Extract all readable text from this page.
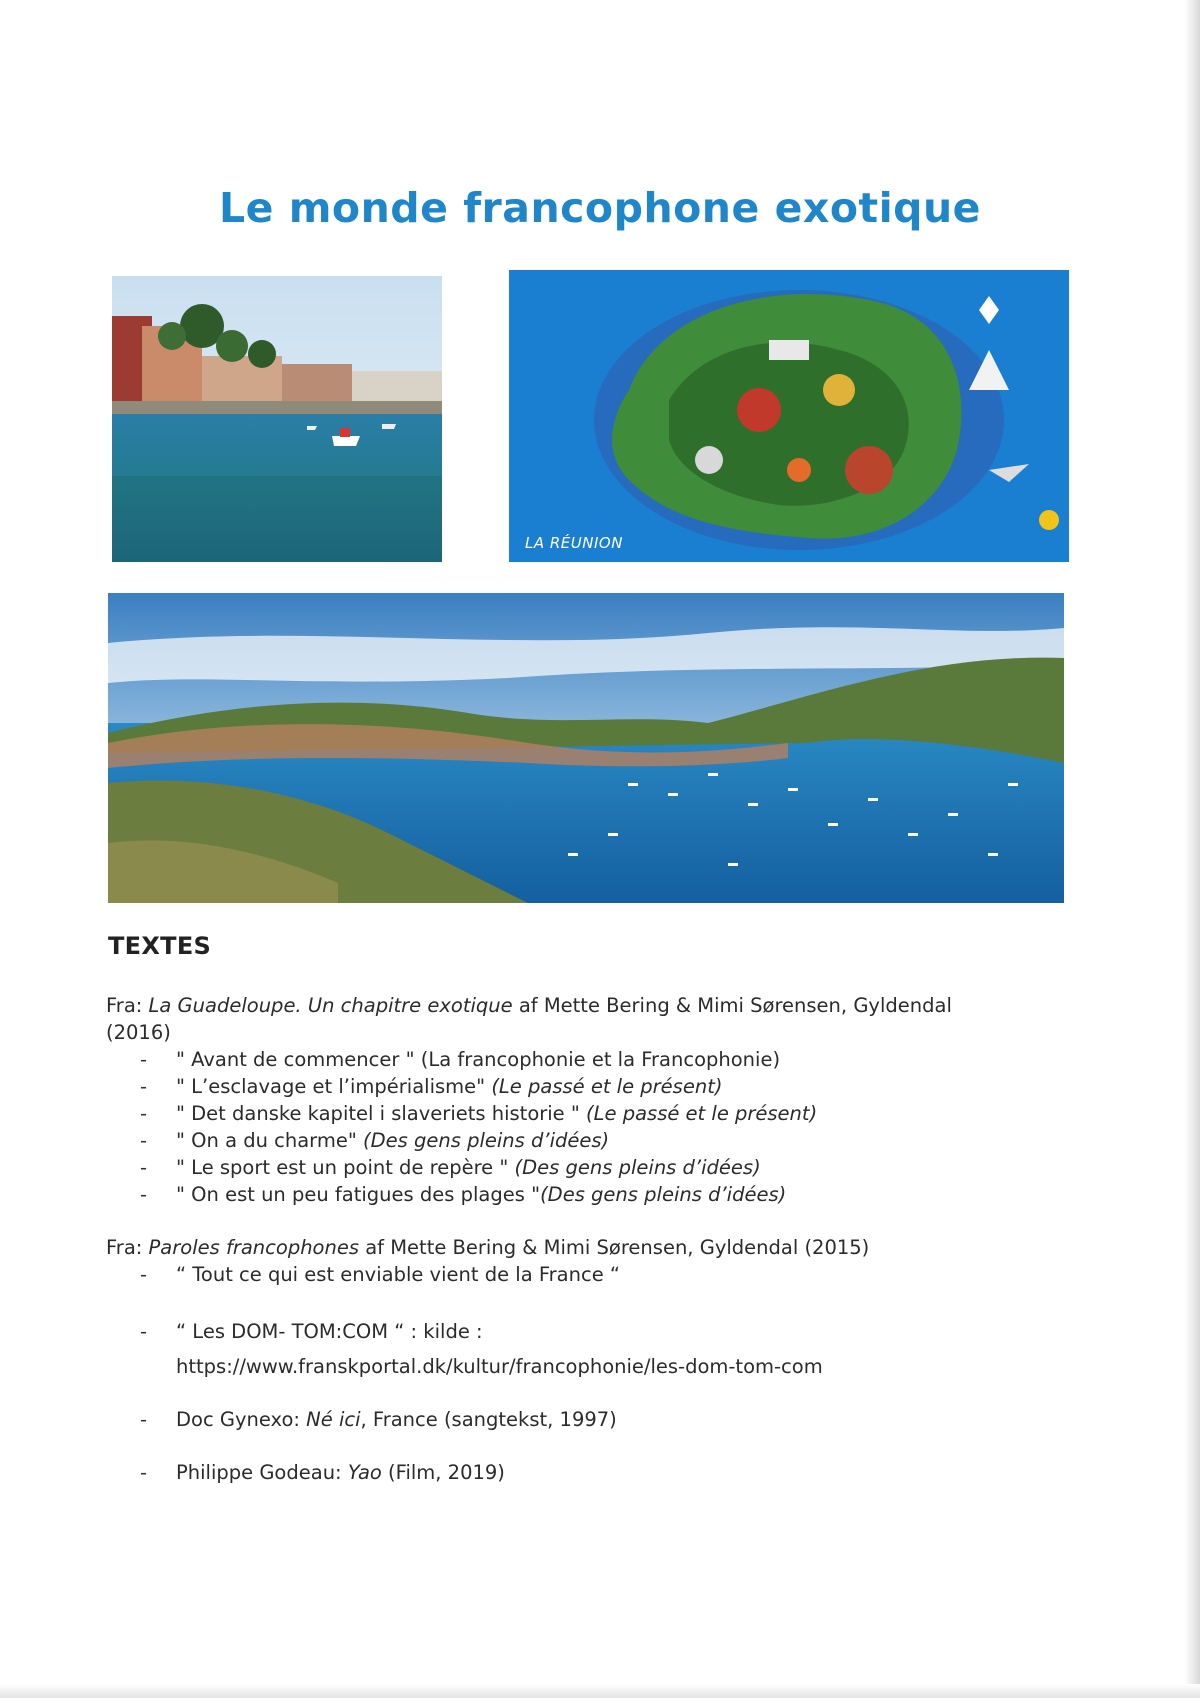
Le monde francophone exotique
LA RÉUNION
TEXTES
Fra: La Guadeloupe. Un chapitre exotique af Mette Bering & Mimi Sørensen, Gyldendal
(2016)
- " Avant de commencer " (La francophonie et la Francophonie)
- " L’esclavage et l’impérialisme" (Le passé et le présent)
- " Det danske kapitel i slaveriets historie " (Le passé et le présent)
- " On a du charme" (Des gens pleins d’idées)
- " Le sport est un point de repère " (Des gens pleins d’idées)
- " On est un peu fatigues des plages "(Des gens pleins d’idées)
Fra: Paroles francophones af Mette Bering & Mimi Sørensen, Gyldendal (2015)
- “ Tout ce qui est enviable vient de la France “
- “ Les DOM- TOM:COM “ : kilde :
https://www.franskportal.dk/kultur/francophonie/les-dom-tom-com
- Doc Gynexo: Né ici, France (sangtekst, 1997)
- Philippe Godeau: Yao (Film, 2019)
